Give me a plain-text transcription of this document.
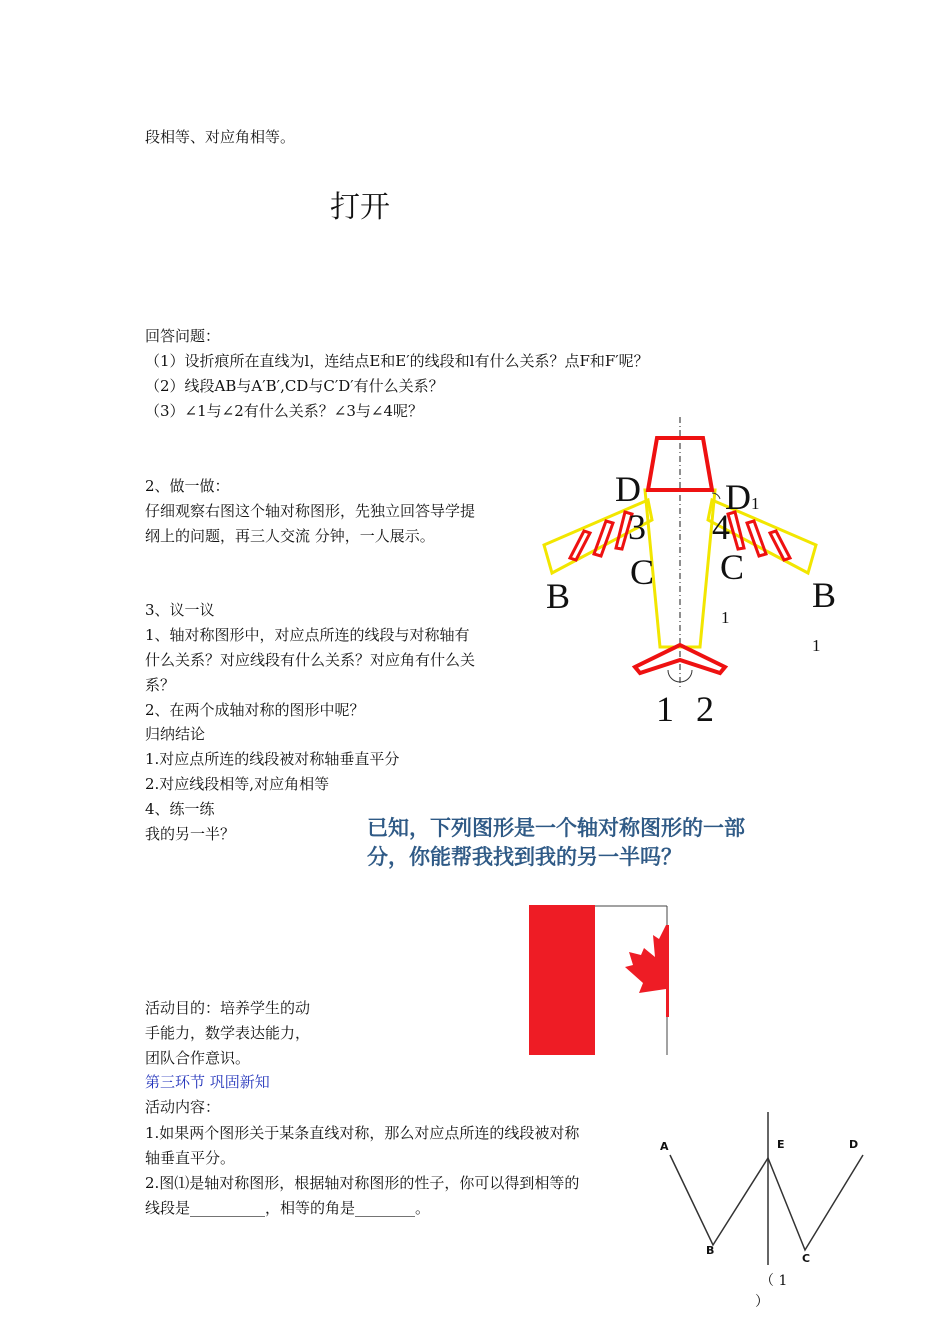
段相等、对应角相等。
打开
回答问题：
（1）设折痕所在直线为l，连结点E和E′的线段和l有什么关系？点F和F′呢？
（2）线段AB与A′B′,CD与C′D′有什么关系？
（3）∠1与∠2有什么关系？∠3与∠4呢？
2、做一做：
仔细观察右图这个轴对称图形，先独立回答导学提
纲上的问题，再三人交流 分钟，一人展示。
3、议一议
1、轴对称图形中，对应点所连的线段与对称轴有
什么关系？对应线段有什么关系？对应角有什么关
系？
2、在两个成轴对称的图形中呢？
归纳结论
1.对应点所连的线段被对称轴垂直平分
2.对应线段相等,对应角相等
4、练一练
我的另一半？
D D1
3 4
C C
1
B	B
1
1 2
已知，下列图形是一个轴对称图形的一部
分，你能帮我找到我的另一半吗？
活动目的：培养学生的动
手能力，数学表达能力，
团队合作意识。
第三环节 巩固新知
活动内容：
1.如果两个图形关于某条直线对称，那么对应点所连的线段被对称
轴垂直平分。
2.图⑴是轴对称图形，根据轴对称图形的性子，你可以得到相等的
线段是__________，相等的角是________。
A	E	D
B
C
（ 1
）
